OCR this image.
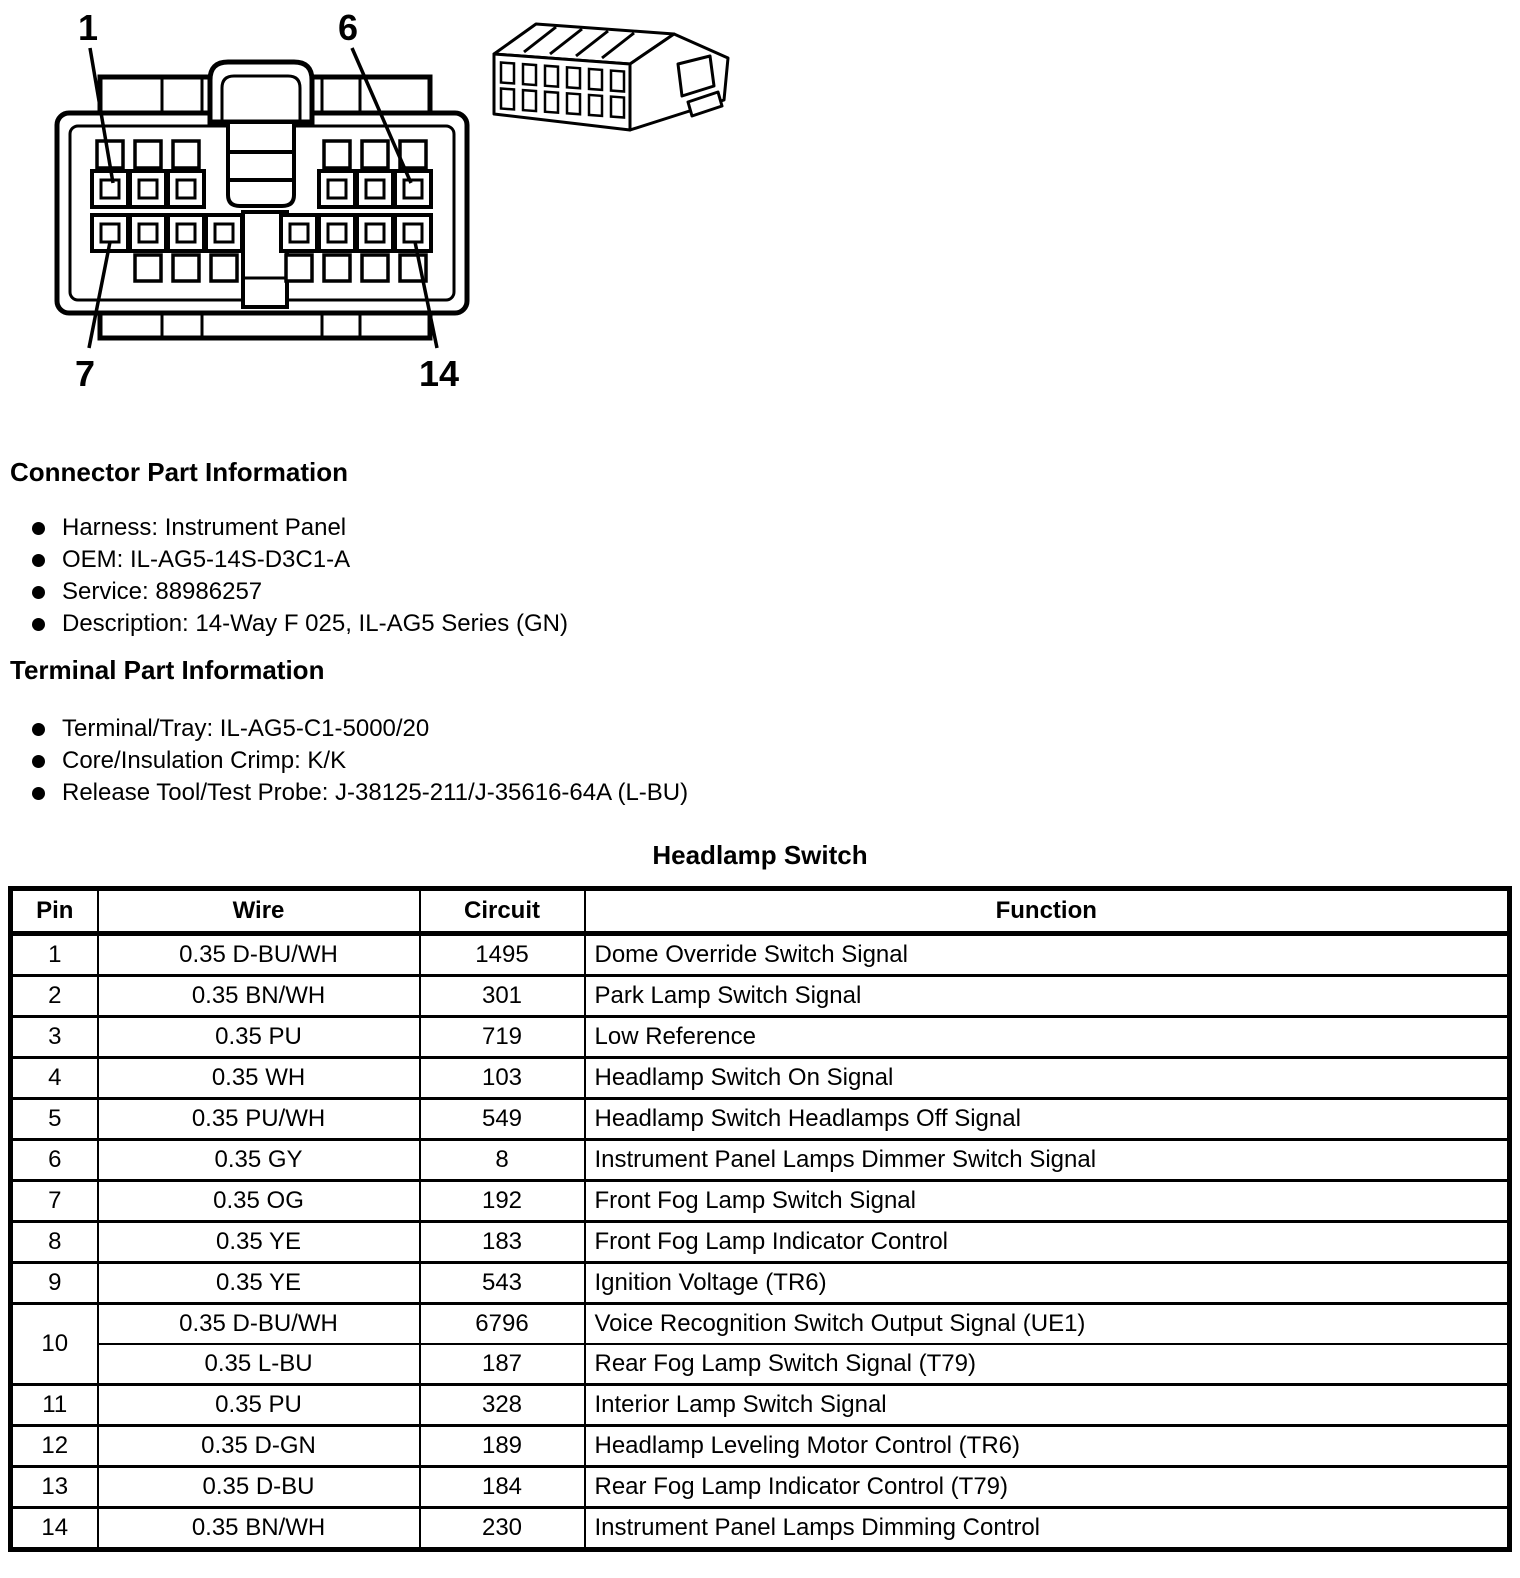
1	6
7	14
Connector Part Information
Harness: Instrument Panel
OEM: IL-AG5-14S-D3C1-A
Service: 88986257
Description: 14-Way F 025, IL-AG5 Series (GN)
Terminal Part Information
Terminal/Tray: IL-AG5-C1-5000/20
Core/Insulation Crimp: K/K
Release Tool/Test Probe: J-38125-211/J-35616-64A (L-BU)
Headlamp Switch
Pin	Wire	Circuit	Function
1	0.35 D-BU/WH	1495	Dome Override Switch Signal
2	0.35 BN/WH	301	Park Lamp Switch Signal
3	0.35 PU	719	Low Reference
4	0.35 WH	103	Headlamp Switch On Signal
5	0.35 PU/WH	549	Headlamp Switch Headlamps Off Signal
6	0.35 GY	8	Instrument Panel Lamps Dimmer Switch Signal
7	0.35 OG	192	Front Fog Lamp Switch Signal
8	0.35 YE	183	Front Fog Lamp Indicator Control
9	0.35 YE	543	Ignition Voltage (TR6)
10	0.35 D-BU/WH	6796	Voice Recognition Switch Output Signal (UE1)
	0.35 L-BU	187	Rear Fog Lamp Switch Signal (T79)
11	0.35 PU	328	Interior Lamp Switch Signal
12	0.35 D-GN	189	Headlamp Leveling Motor Control (TR6)
13	0.35 D-BU	184	Rear Fog Lamp Indicator Control (T79)
14	0.35 BN/WH	230	Instrument Panel Lamps Dimming Control
